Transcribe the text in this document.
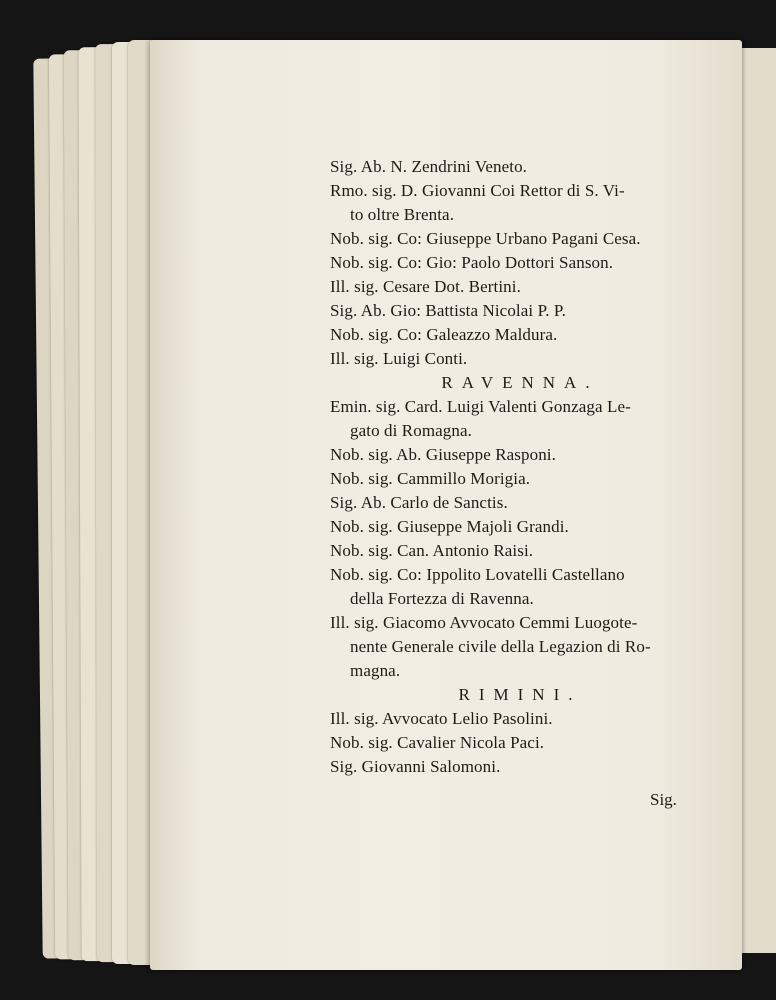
Sig. Ab. N. Zendrini Veneto.

Rmo. sig. D. Giovanni Coi Rettor di S. Vi-

to oltre Brenta.

Nob. sig. Co: Giuseppe Urbano Pagani Cesa.

Nob. sig. Co: Gio: Paolo Dottori Sanson.

Ill. sig. Cesare Dot. Bertini.

Sig. Ab. Gio: Battista Nicolai P. P.

Nob. sig. Co: Galeazzo Maldura.

Ill. sig. Luigi Conti.

RAVENNA.

Emin. sig. Card. Luigi Valenti Gonzaga Le-

gato di Romagna.

Nob. sig. Ab. Giuseppe Rasponi.

Nob. sig. Cammillo Morigia.

Sig. Ab. Carlo de Sanctis.

Nob. sig. Giuseppe Majoli Grandi.

Nob. sig. Can. Antonio Raisi.

Nob. sig. Co: Ippolito Lovatelli Castellano

della Fortezza di Ravenna.

Ill. sig. Giacomo Avvocato Cemmi Luogote-

nente Generale civile della Legazion di Ro-

magna.

RIMINI.

Ill. sig. Avvocato Lelio Pasolini.

Nob. sig. Cavalier Nicola Paci.

Sig. Giovanni Salomoni.

Sig.
